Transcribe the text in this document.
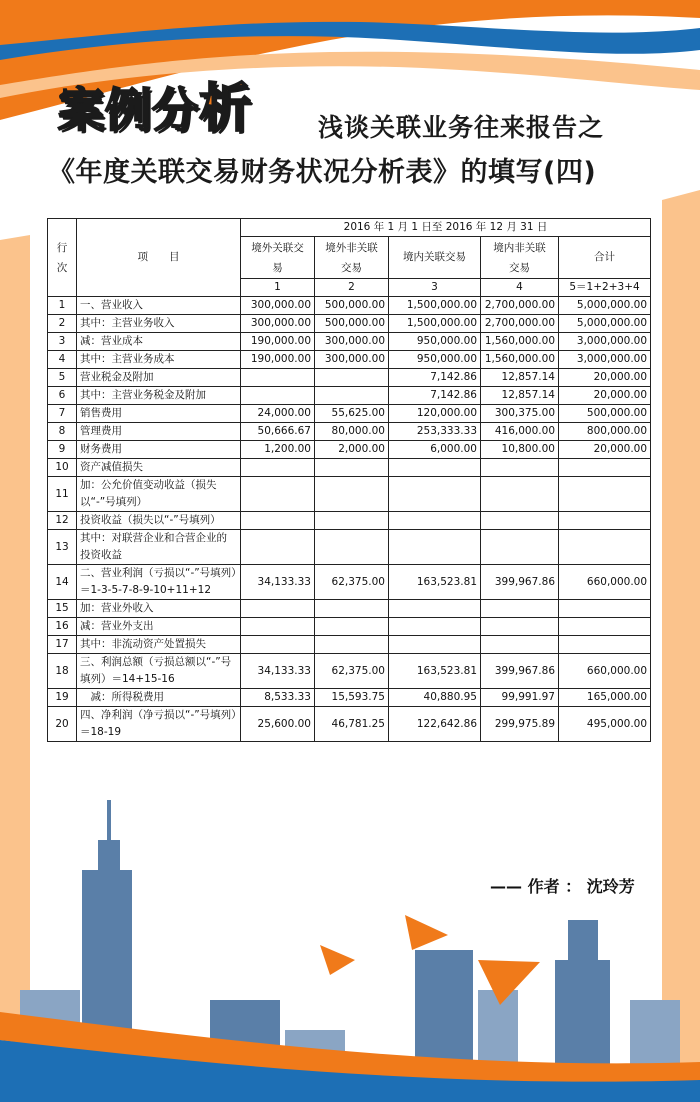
案例分析	浅谈关联业务往来报告之
《年度关联交易财务状况分析表》的填写(四)
行次	项　　目	2016 年 1 月 1 日至 2016 年 12 月 31 日				
		境外关联交易	境外非关联交易	境内关联交易	境内非关联交易	合计
		1	2	3	4	5＝1+2+3+4
1	一、营业收入	300,000.00	500,000.00	1,500,000.00	2,700,000.00	5,000,000.00
2	其中：主营业务收入	300,000.00	500,000.00	1,500,000.00	2,700,000.00	5,000,000.00
3	减：营业成本	190,000.00	300,000.00	950,000.00	1,560,000.00	3,000,000.00
4	其中：主营业务成本	190,000.00	300,000.00	950,000.00	1,560,000.00	3,000,000.00
5	营业税金及附加			7,142.86	12,857.14	20,000.00
6	其中：主营业务税金及附加			7,142.86	12,857.14	20,000.00
7	销售费用	24,000.00	55,625.00	120,000.00	300,375.00	500,000.00
8	管理费用	50,666.67	80,000.00	253,333.33	416,000.00	800,000.00
9	财务费用	1,200.00	2,000.00	6,000.00	10,800.00	20,000.00
10	资产减值损失					
11	加：公允价值变动收益（损失以“-”号填列）					
12	投资收益（损失以“-”号填列）					
13	其中：对联营企业和合营企业的投资收益					
14	二、营业利润（亏损以“-”号填列）＝1-3-5-7-8-9-10+11+12	34,133.33	62,375.00	163,523.81	399,967.86	660,000.00
15	加：营业外收入					
16	减：营业外支出					
17	其中：非流动资产处置损失					
18	三、利润总额（亏损总额以“-”号填列）＝14+15-16	34,133.33	62,375.00	163,523.81	399,967.86	660,000.00
19	　减：所得税费用	8,533.33	15,593.75	40,880.95	99,991.97	165,000.00
20	四、净利润（净亏损以“-”号填列）＝18-19	25,600.00	46,781.25	122,642.86	299,975.89	495,000.00
—— 作者 ： 沈玲芳
